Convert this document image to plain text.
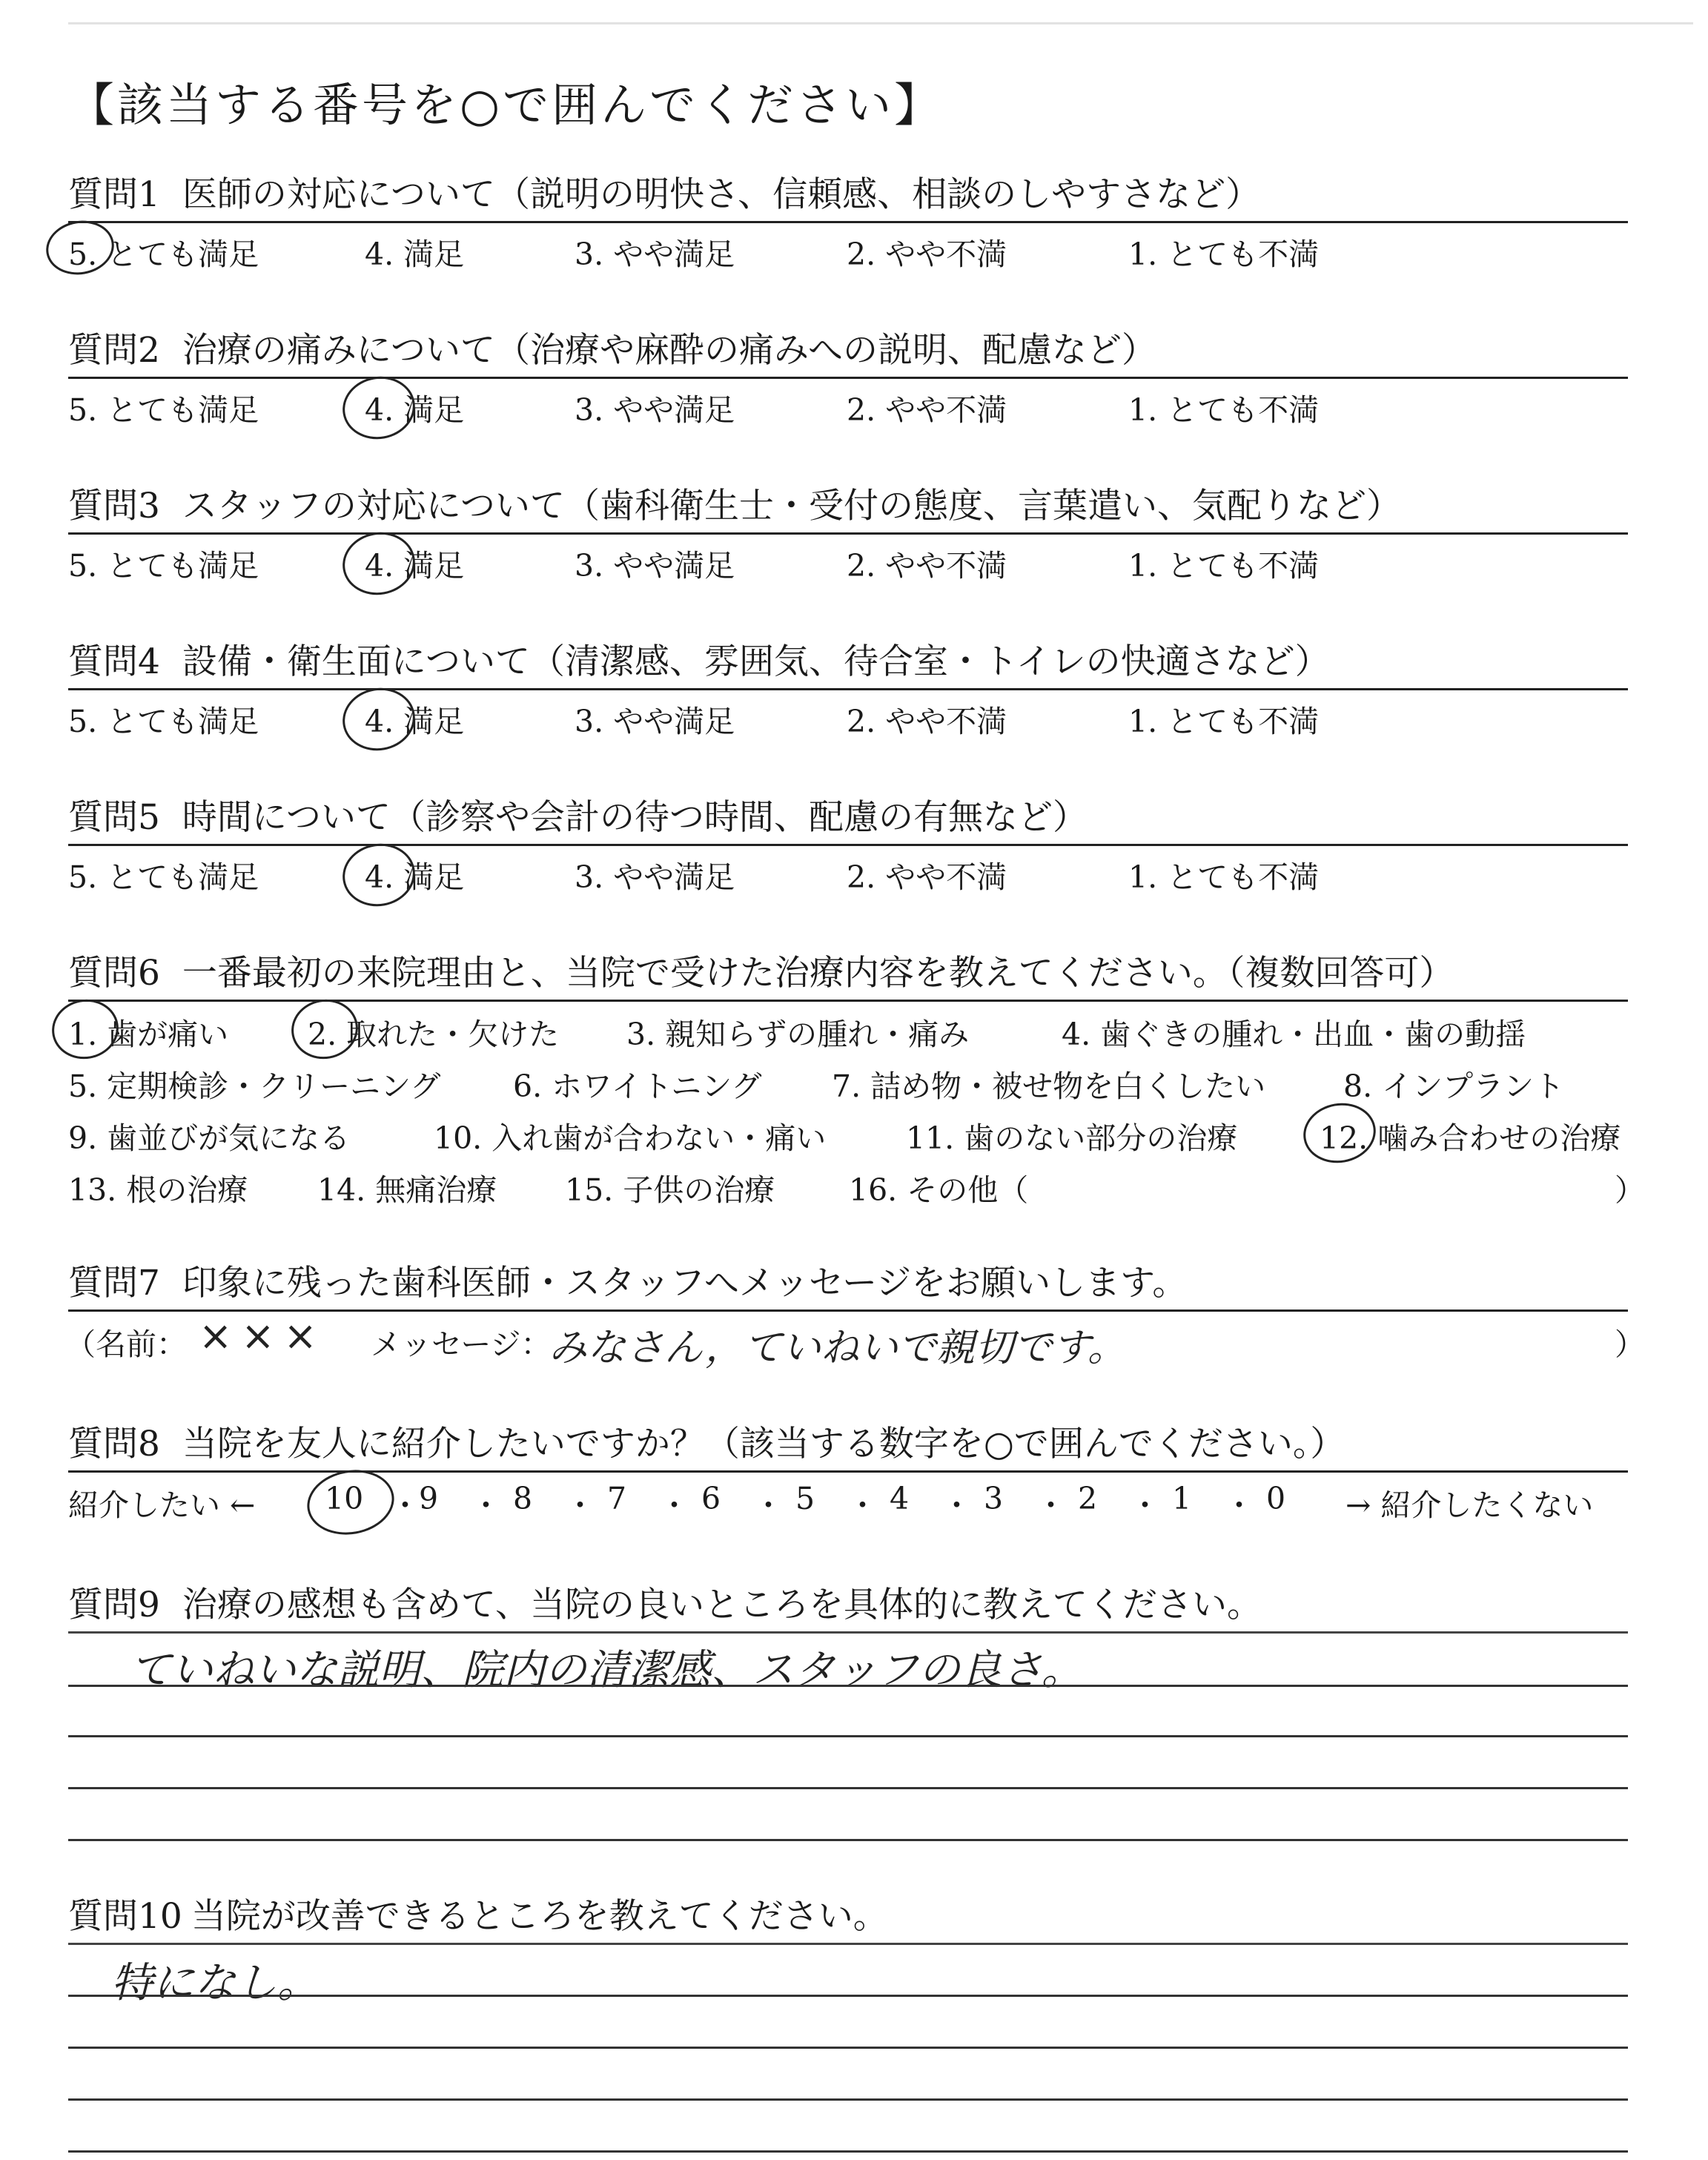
【該当する番号を○で囲んでください】
質問1 医師の対応について（説明の明快さ、信頼感、相談のしやすさなど）
5. とても満足	4. 満足	3. やや満足	2. やや不満	1. とても不満
質問2 治療の痛みについて（治療や麻酔の痛みへの説明、配慮など）
5. とても満足	4. 満足	3. やや満足	2. やや不満	1. とても不満
質問3 スタッフの対応について（歯科衛生士・受付の態度、言葉遣い、気配りなど）
5. とても満足	4. 満足	3. やや満足	2. やや不満	1. とても不満
質問4 設備・衛生面について（清潔感、雰囲気、待合室・トイレの快適さなど）
5. とても満足	4. 満足	3. やや満足	2. やや不満	1. とても不満
質問5 時間について（診察や会計の待つ時間、配慮の有無など）
5. とても満足	4. 満足	3. やや満足	2. やや不満	1. とても不満
質問6 一番最初の来院理由と、当院で受けた治療内容を教えてください。（複数回答可）
1. 歯が痛い	2. 取れた・欠けた 3. 親知らずの腫れ・痛み	4. 歯ぐきの腫れ・出血・歯の動揺
5. 定期検診・クリーニング 6. ホワイトニング 7. 詰め物・被せ物を白くしたい	8. インプラント
9. 歯並びが気になる	10. 入れ歯が合わない・痛い	11. 歯のない部分の治療	12. 噛み合わせの治療
13. 根の治療 14. 無痛治療 15. 子供の治療 16. その他（	）
質問7 印象に残った歯科医師・スタッフへメッセージをお願いします。
（名前： ××× メッセージ：
みなさん，ていねいで親切です。	）
質問8 当院を友人に紹介したいですか？（該当する数字を○で囲んでください。）
紹介したい ← 10 ・
9 ・ 8 ・ 7 ・ 6 ・ 5 ・ 4 ・ 3 ・ 2 ・ 1 ・ 0 → 紹介したくない
質問9 治療の感想も含めて、当院の良いところを具体的に教えてください。
ていねいな説明、院内の清潔感、スタッフの良さ。
質問10 当院が改善できるところを教えてください。
特になし。
